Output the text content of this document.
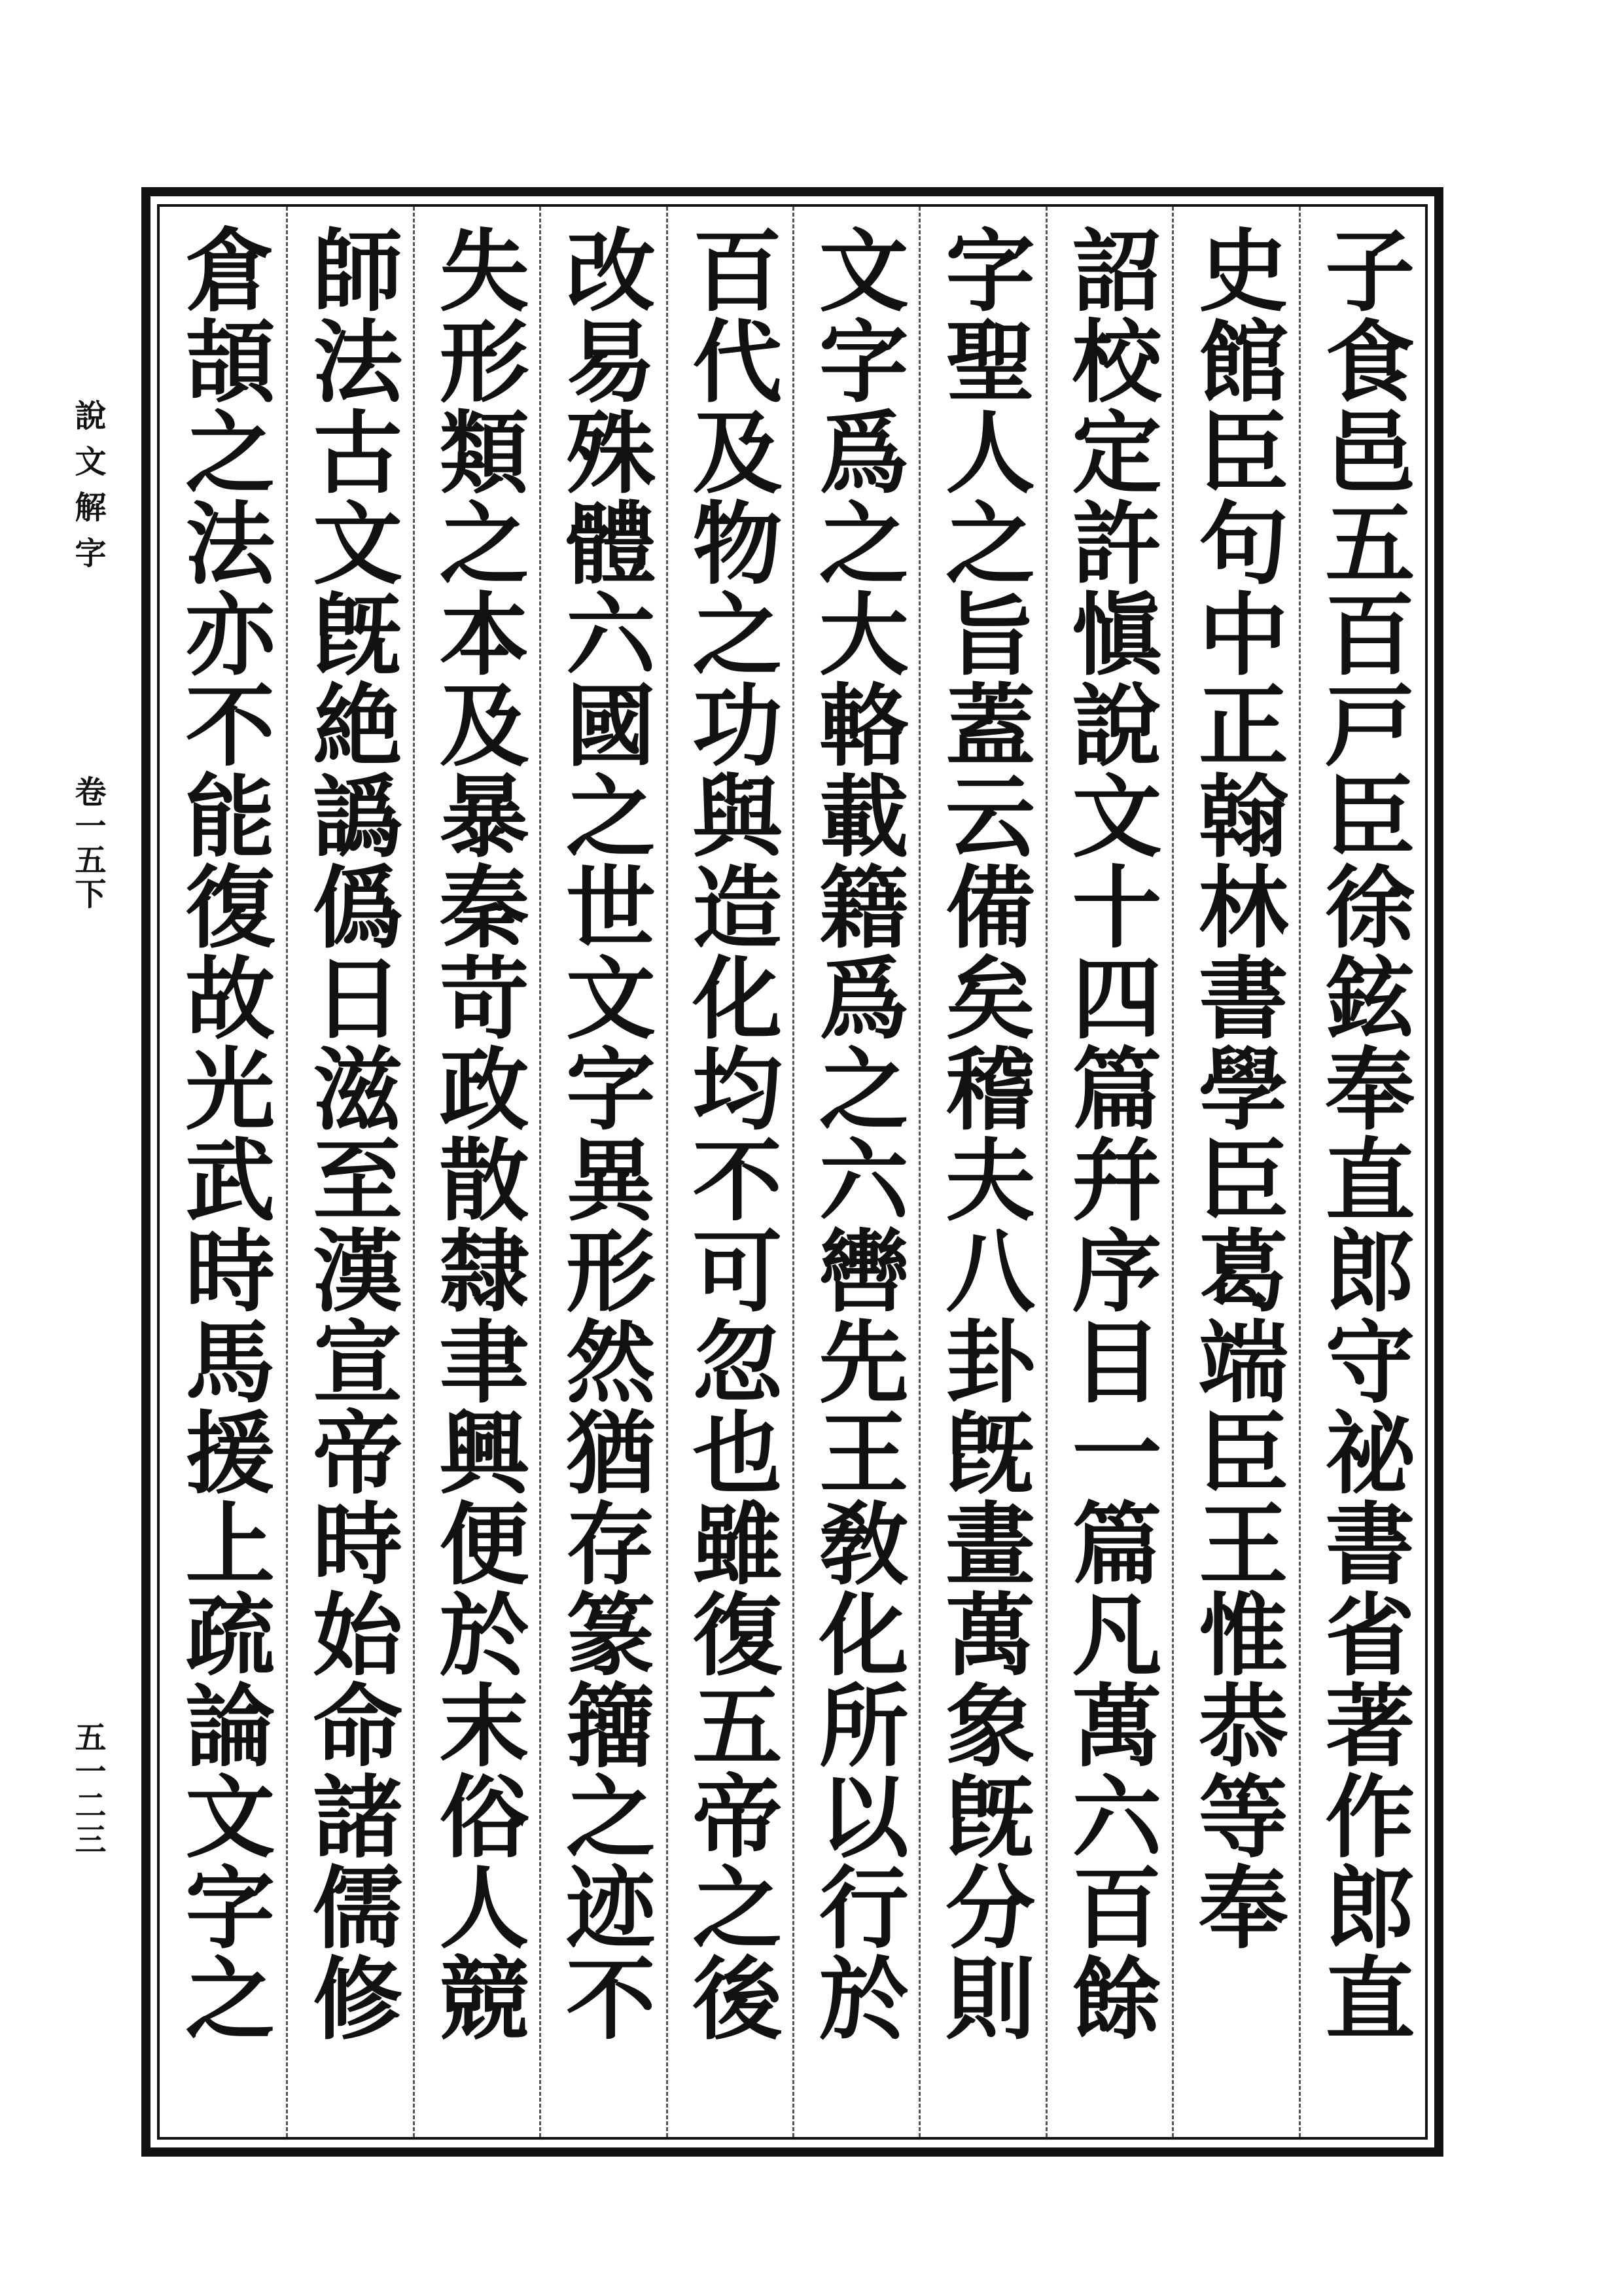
說文解字
卷一五下
五一二三	子食邑五百戸臣徐鉉奉直郎守祕書省著作郎直
史館臣句中正翰林書學臣葛端臣王惟恭等奉
詔校定許愼說文十四篇幷序目一篇凡萬六百餘
字聖人之旨蓋云備矣稽夫八卦旣畫萬象旣分則
文字爲之大輅載籍爲之六轡先王敎化所以行於
百代及物之功與造化均不可忽也雖復五帝之後
改易殊體六國之世文字異形然猶存篆籒之迹不
失形類之本及暴秦苛政散隸聿興便於末俗人競
師法古文旣絶譌僞日滋至漢宣帝時始命諸儒修
倉頡之法亦不能復故光武時馬援上疏論文字之
